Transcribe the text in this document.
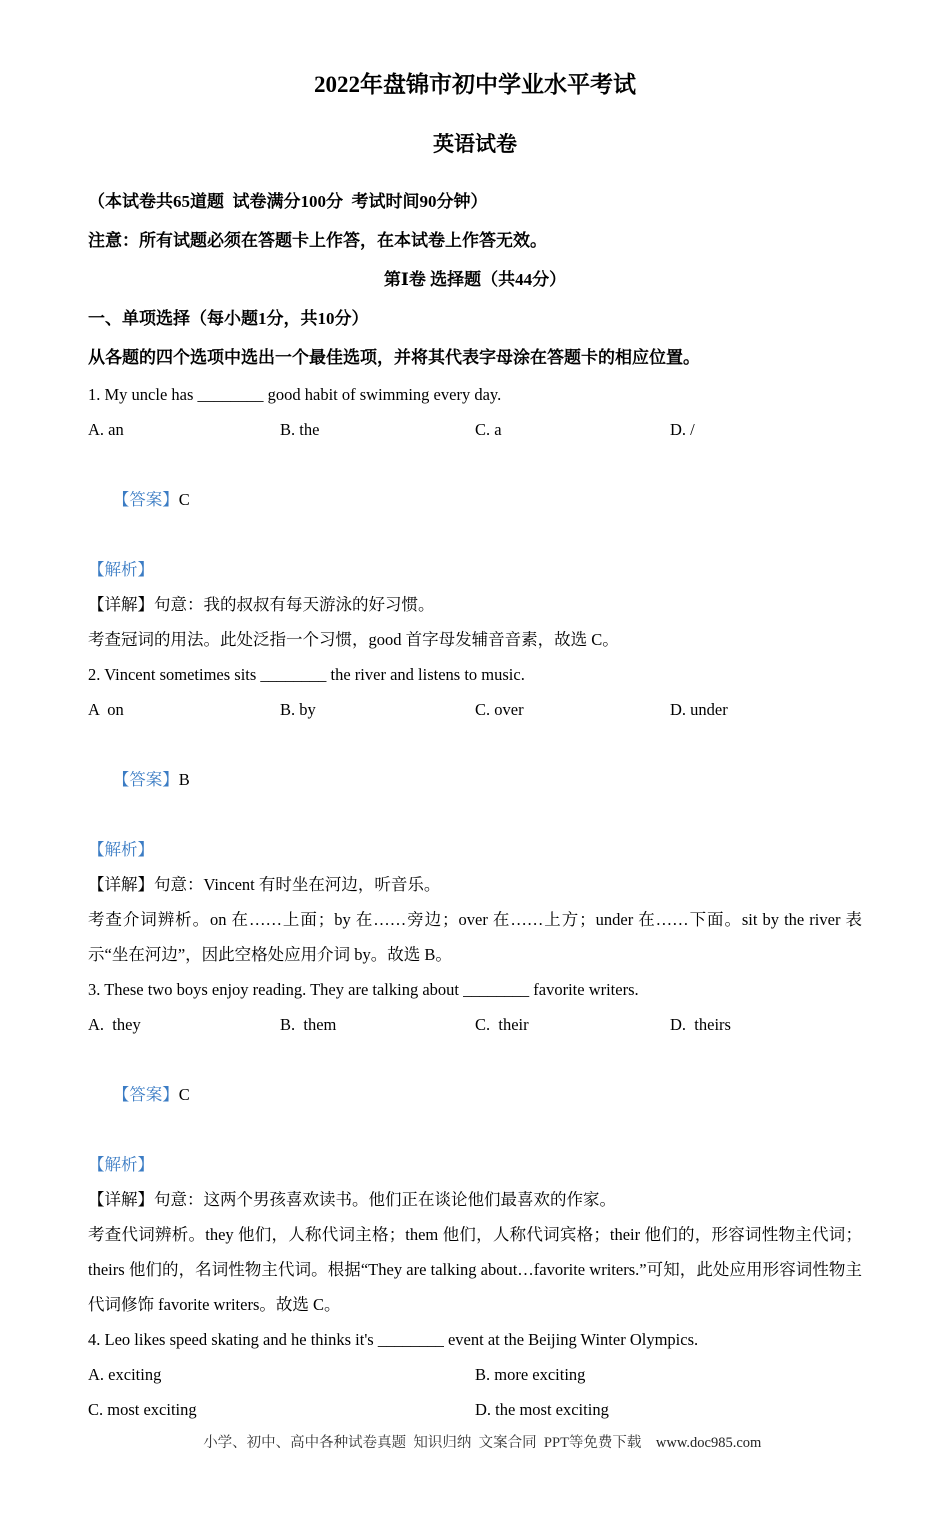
2022年盘锦市初中学业水平考试
英语试卷
（本试卷共65道题  试卷满分100分  考试时间90分钟）
注意：所有试题必须在答题卡上作答，在本试卷上作答无效。
第Ⅰ卷 选择题（共44分）
一、单项选择（每小题1分，共10分）
从各题的四个选项中选出一个最佳选项，并将其代表字母涂在答题卡的相应位置。
1. My uncle has ________ good habit of swimming every day.
A. an	B. the	C. a	D. /

【答案】C

【解析】
【详解】句意：我的叔叔有每天游泳的好习惯。
考查冠词的用法。此处泛指一个习惯，good 首字母发辅音音素，故选 C。
2. Vincent sometimes sits ________ the river and listens to music.
A  on	B. by	C. over	D. under

【答案】B

【解析】
【详解】句意：Vincent 有时坐在河边，听音乐。
考查介词辨析。on 在……上面；by 在……旁边；over 在……上方；under 在……下面。sit by the river 表示“坐在河边”，因此空格处应用介词 by。故选 B。
3. These two boys enjoy reading. They are talking about ________ favorite writers.
A.  they	B.  them	C.  their	D.  theirs

【答案】C

【解析】
【详解】句意：这两个男孩喜欢读书。他们正在谈论他们最喜欢的作家。
考查代词辨析。they 他们，人称代词主格；them 他们，人称代词宾格；their 他们的，形容词性物主代词；theirs 他们的，名词性物主代词。根据“They are talking about…favorite writers.”可知，此处应用形容词性物主代词修饰 favorite writers。故选 C。
4. Leo likes speed skating and he thinks it's ________ event at the Beijing Winter Olympics.
A. exciting	B. more exciting
C. most exciting	D. the most exciting

小学、初中、高中各种试卷真题  知识归纳  文案合同  PPT等免费下载 www.doc985.com
